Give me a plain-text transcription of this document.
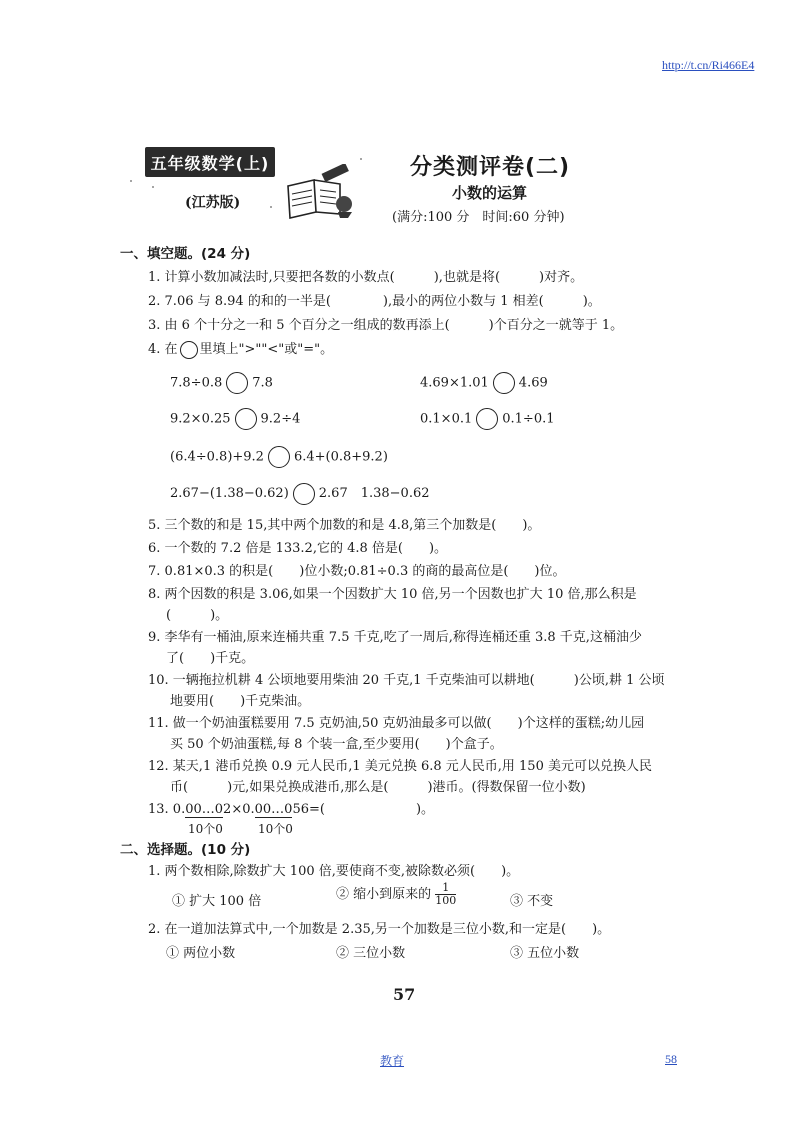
http://t.cn/Ri466E4
五年级数学(上)
(江苏版)
分类测评卷(二)
小数的运算
(满分:100 分　时间:60 分钟)
一、填空题。(24 分)
1. 计算小数加减法时,只要把各数的小数点(　　　),也就是将(　　　)对齐。
2. 7.06 与 8.94 的和的一半是(　　　　),最小的两位小数与 1 相差(　　　)。
3. 由 6 个十分之一和 5 个百分之一组成的数再添上(　　　)个百分之一就等于 1。
4. 在 里填上">""<"或"="。
7.8÷0.8 7.8	4.69×1.01 4.69
9.2×0.25 9.2÷4	0.1×0.1 0.1÷0.1
(6.4÷0.8)+9.2 6.4+(0.8+9.2)
2.67−(1.38−0.62) 2.67　1.38−0.62
5. 三个数的和是 15,其中两个加数的和是 4.8,第三个加数是(　　)。
6. 一个数的 7.2 倍是 133.2,它的 4.8 倍是(　　)。
7. 0.81×0.3 的积是(　　)位小数;0.81÷0.3 的商的最高位是(　　)位。
8. 两个因数的积是 3.06,如果一个因数扩大 10 倍,另一个因数也扩大 10 倍,那么积是
(　　　)。
9. 李华有一桶油,原来连桶共重 7.5 千克,吃了一周后,称得连桶还重 3.8 千克,这桶油少
了(　　)千克。
10. 一辆拖拉机耕 4 公顷地要用柴油 20 千克,1 千克柴油可以耕地(　　　)公顷,耕 1 公顷
地要用(　　)千克柴油。
11. 做一个奶油蛋糕要用 7.5 克奶油,50 克奶油最多可以做(　　)个这样的蛋糕;幼儿园
买 50 个奶油蛋糕,每 8 个装一盒,至少要用(　　)个盒子。
12. 某天,1 港币兑换 0.9 元人民币,1 美元兑换 6.8 元人民币,用 150 美元可以兑换人民
币(　　　)元,如果兑换成港币,那么是(　　　)港币。(得数保留一位小数)
13. 0.00…02×0.00…056=(　　　　　　　)。
10个0	10个0
二、选择题。(10 分)
1. 两个数相除,除数扩大 100 倍,要使商不变,被除数必须(　　)。
① 扩大 100 倍	② 缩小到原来的 $\frac{1}{100}$	③ 不变
2. 在一道加法算式中,一个加数是 2.35,另一个加数是三位小数,和一定是(　　)。
① 两位小数	② 三位小数	③ 五位小数
57
教育	58
